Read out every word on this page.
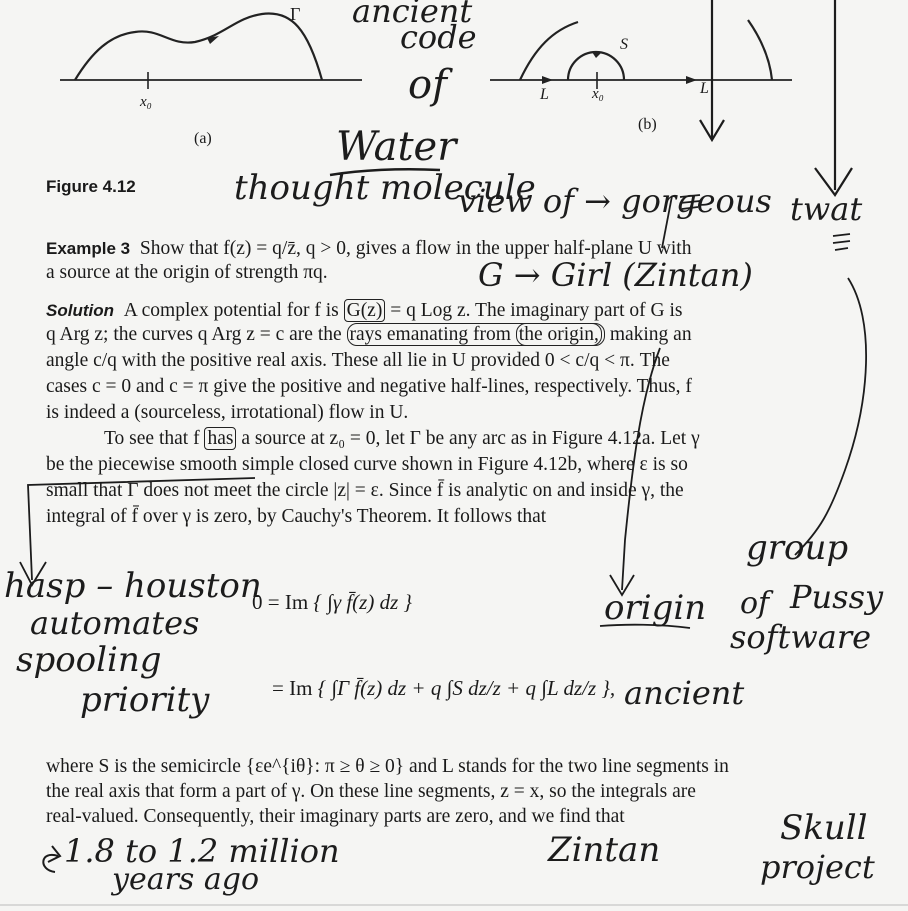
x₀
(a)
Γ
x₀
L	L
S
(b)
Figure 4.12
Example 3 Show that f(z) = q/z̄, q > 0, gives a flow in the upper half-plane U with
a source at the origin of strength πq.
Solution A complex potential for f is G(z) = q Log z. The imaginary part of G is
q Arg z; the curves q Arg z = c are the rays emanating from the origin, making an
angle c/q with the positive real axis. These all lie in U provided 0 < c/q < π. The
cases c = 0 and c = π give the positive and negative half-lines, respectively. Thus, f
is indeed a (sourceless, irrotational) flow in U.
To see that f has a source at z₀ = 0, let Γ be any arc as in Figure 4.12a. Let γ
be the piecewise smooth simple closed curve shown in Figure 4.12b, where ε is so
small that Γ does not meet the circle |z| = ε. Since f̄ is analytic on and inside γ, the
integral of f̄ over γ is zero, by Cauchy's Theorem. It follows that
0 = Im { ∫γ f̄(z) dz }
= Im { ∫Γ f̄(z) dz + q ∫S dz/z + q ∫L dz/z },
where S is the semicircle {εe^{iθ}: π ≥ θ ≥ 0} and L stands for the two line segments in
the real axis that form a part of γ. On these line segments, z = x, so the integrals are
real-valued. Consequently, their imaginary parts are zero, and we find that
ancient
code
of
Water
thought molecule
view of → gorgeous twat
G → Girl (Zintan)
hasp – houston
automates
spooling
priority
origin
group
of Pussy
software
ancient
1.8 to 1.2 million
years ago
Zintan
Skull
project
